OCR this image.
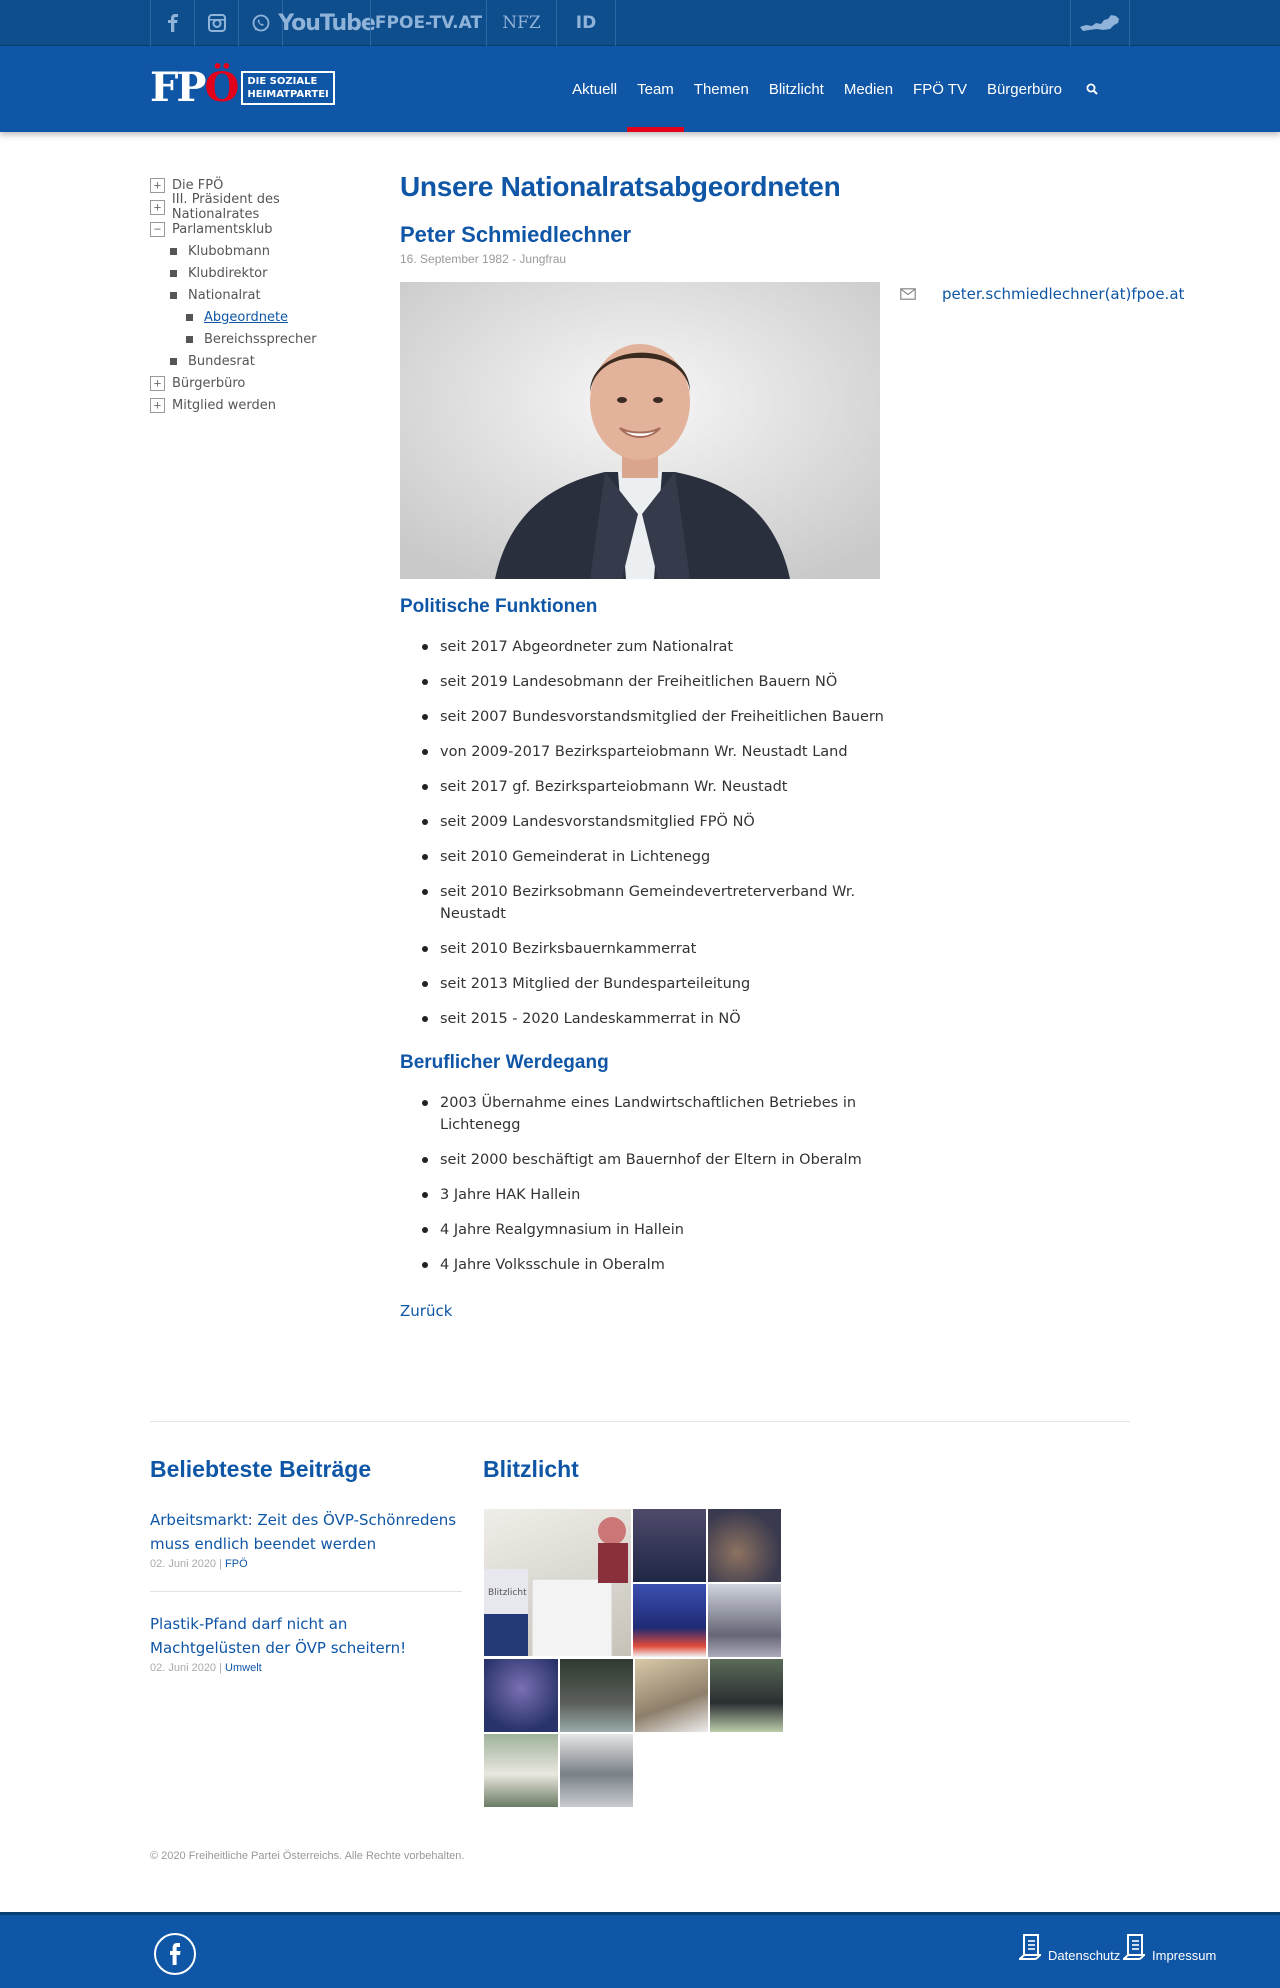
YouTube FPOE-TV.AT	NFZ	ID
FPÖ DIE SOZIALE
HEIMATPARTEI	Aktuell	Team	Themen	Blitzlicht	Medien	FPÖ TV	Bürgerbüro
+ Die FPÖ
+ III. Präsident des Nationalrates
− Parlamentsklub
Klubobmann
Klubdirektor
Nationalrat
Abgeordnete
Bereichssprecher
Bundesrat
+ Bürgerbüro
+ Mitglied werden
Unsere Nationalratsabgeordneten
Peter Schmiedlechner
16. September 1982 - Jungfrau
peter.schmiedlechner(at)fpoe.at
Politische Funktionen
seit 2017 Abgeordneter zum Nationalrat
seit 2019 Landesobmann der Freiheitlichen Bauern NÖ
seit 2007 Bundesvorstandsmitglied der Freiheitlichen Bauern
von 2009-2017 Bezirksparteiobmann Wr. Neustadt Land
seit 2017 gf. Bezirksparteiobmann Wr. Neustadt
seit 2009 Landesvorstandsmitglied FPÖ NÖ
seit 2010 Gemeinderat in Lichtenegg
seit 2010 Bezirksobmann Gemeindevertreterverband Wr. Neustadt
seit 2010 Bezirksbauernkammerrat
seit 2013 Mitglied der Bundesparteileitung
seit 2015 - 2020 Landeskammerrat in NÖ
Beruflicher Werdegang
2003 Übernahme eines Landwirtschaftlichen Betriebes in Lichtenegg
seit 2000 beschäftigt am Bauernhof der Eltern in Oberalm
3 Jahre HAK Hallein
4 Jahre Realgymnasium in Hallein
4 Jahre Volksschule in Oberalm
Zurück
Beliebteste Beiträge
Arbeitsmarkt: Zeit des ÖVP-Schönredens muss endlich beendet werden
02. Juni 2020 | FPÖ
Plastik-Pfand darf nicht an Machtgelüsten der ÖVP scheitern!
02. Juni 2020 | Umwelt
Blitzlicht
Blitzlicht
© 2020 Freiheitliche Partei Österreichs. Alle Rechte vorbehalten.
Datenschutz Impressum
